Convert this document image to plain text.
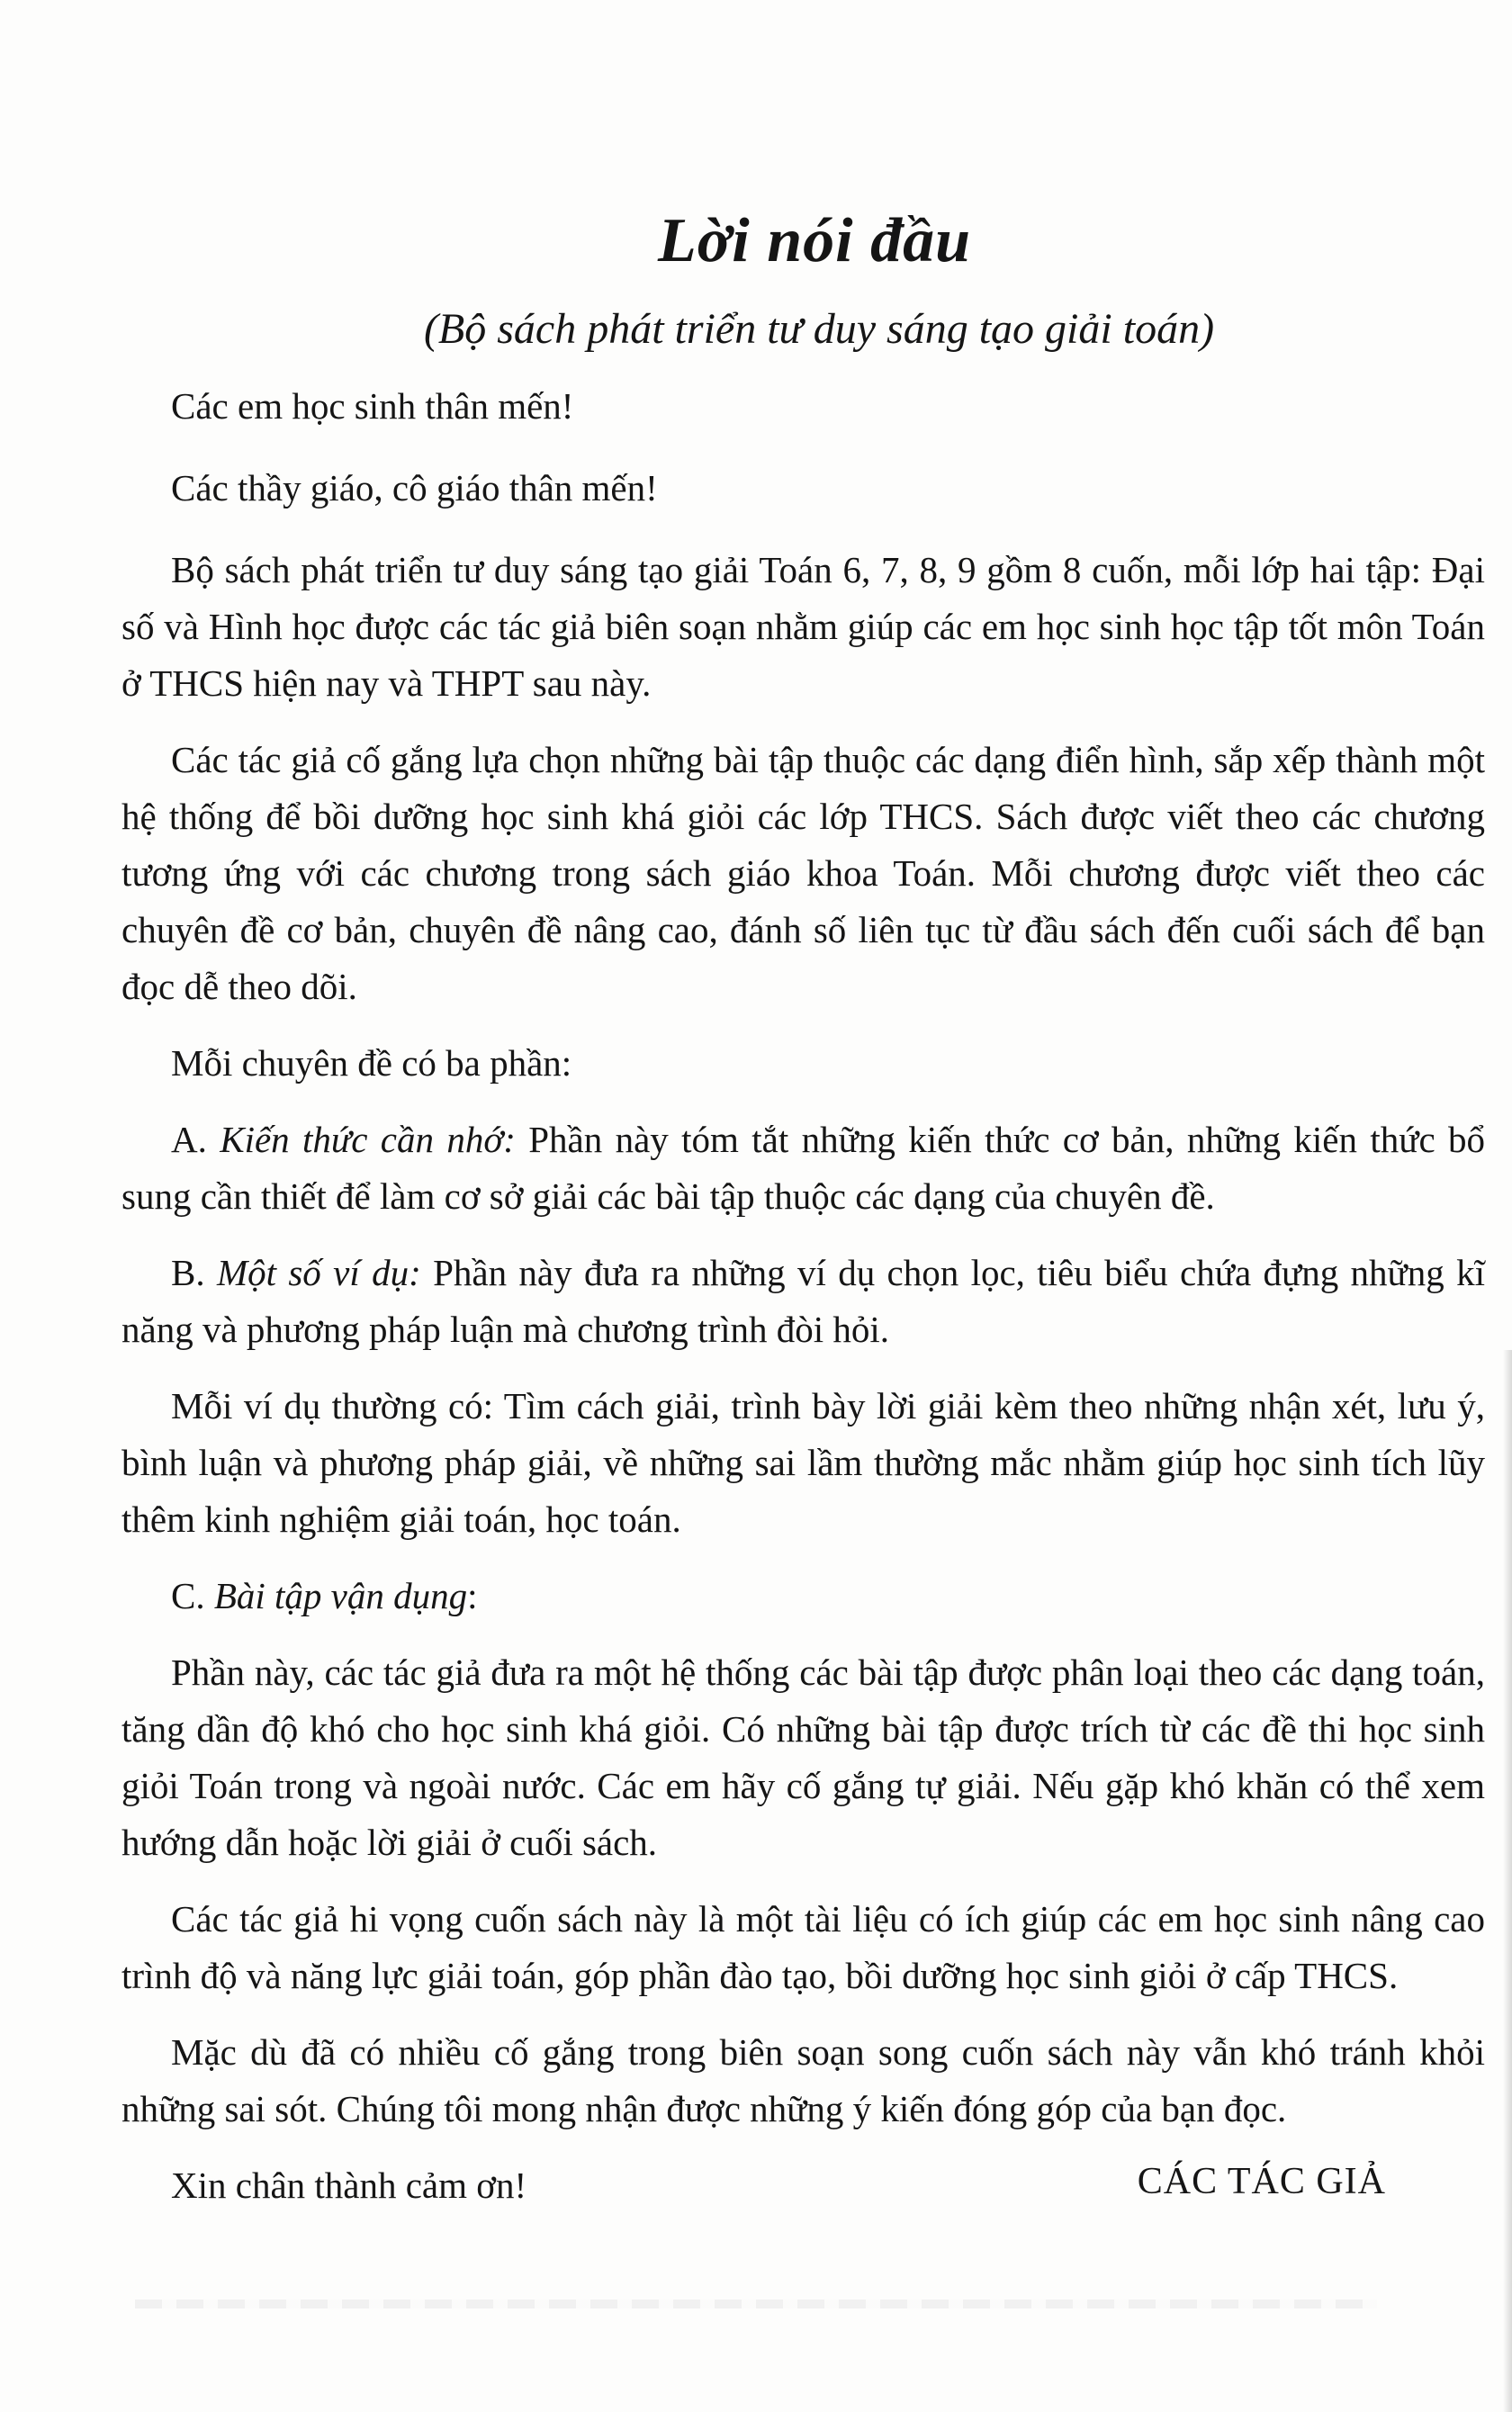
Lời nói đầu
(Bộ sách phát triển tư duy sáng tạo giải toán)

Các em học sinh thân mến!

Các thầy giáo, cô giáo thân mến!

Bộ sách phát triển tư duy sáng tạo giải Toán 6, 7, 8, 9 gồm 8 cuốn, mỗi lớp hai tập: Đại số và Hình học được các tác giả biên soạn nhằm giúp các em học sinh học tập tốt môn Toán ở THCS hiện nay và THPT sau này.

Các tác giả cố gắng lựa chọn những bài tập thuộc các dạng điển hình, sắp xếp thành một hệ thống để bồi dưỡng học sinh khá giỏi các lớp THCS. Sách được viết theo các chương tương ứng với các chương trong sách giáo khoa Toán. Mỗi chương được viết theo các chuyên đề cơ bản, chuyên đề nâng cao, đánh số liên tục từ đầu sách đến cuối sách để bạn đọc dễ theo dõi.

Mỗi chuyên đề có ba phần:

A. Kiến thức cần nhớ: Phần này tóm tắt những kiến thức cơ bản, những kiến thức bổ sung cần thiết để làm cơ sở giải các bài tập thuộc các dạng của chuyên đề.

B. Một số ví dụ: Phần này đưa ra những ví dụ chọn lọc, tiêu biểu chứa đựng những kĩ năng và phương pháp luận mà chương trình đòi hỏi.

Mỗi ví dụ thường có: Tìm cách giải, trình bày lời giải kèm theo những nhận xét, lưu ý, bình luận và phương pháp giải, về những sai lầm thường mắc nhằm giúp học sinh tích lũy thêm kinh nghiệm giải toán, học toán.

C. Bài tập vận dụng:

Phần này, các tác giả đưa ra một hệ thống các bài tập được phân loại theo các dạng toán, tăng dần độ khó cho học sinh khá giỏi. Có những bài tập được trích từ các đề thi học sinh giỏi Toán trong và ngoài nước. Các em hãy cố gắng tự giải. Nếu gặp khó khăn có thể xem hướng dẫn hoặc lời giải ở cuối sách.

Các tác giả hi vọng cuốn sách này là một tài liệu có ích giúp các em học sinh nâng cao trình độ và năng lực giải toán, góp phần đào tạo, bồi dưỡng học sinh giỏi ở cấp THCS.

Mặc dù đã có nhiều cố gắng trong biên soạn song cuốn sách này vẫn khó tránh khỏi những sai sót. Chúng tôi mong nhận được những ý kiến đóng góp của bạn đọc.

Xin chân thành cảm ơn!	CÁC TÁC GIẢ
